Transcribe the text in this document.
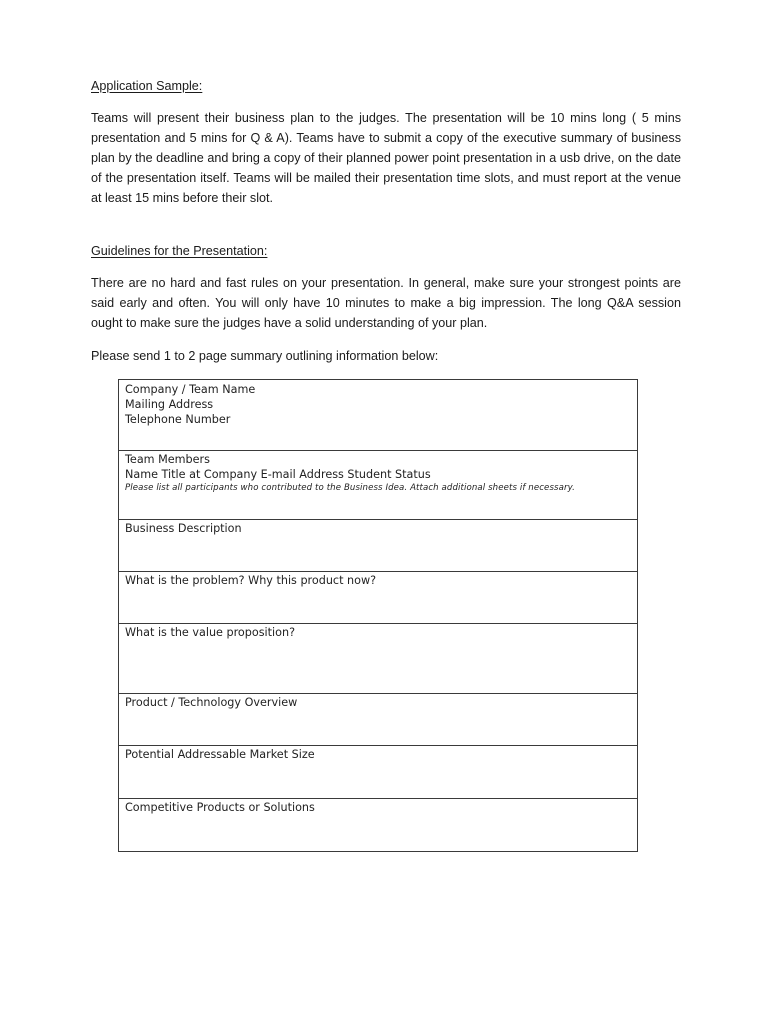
Application Sample:
Teams will present their business plan to the judges. The presentation will be 10 mins long ( 5 mins presentation and 5 mins for Q & A). Teams have to submit a copy of the executive summary of business plan by the deadline and bring a copy of their planned power point presentation in a usb drive, on the date of the presentation itself. Teams will be mailed their presentation time slots, and must report at the venue at least 15 mins before their slot.
Guidelines for the Presentation:
There are no hard and fast rules on your presentation. In general, make sure your strongest points are said early and often. You will only have 10 minutes to make a big impression. The long Q&A session ought to make sure the judges have a solid understanding of your plan.
Please send 1 to 2 page summary outlining information below:
Company / Team Name
Mailing Address
Telephone Number
Team Members
Name Title at Company E-mail Address Student Status
Please list all participants who contributed to the Business Idea. Attach additional sheets if necessary.
Business Description
What is the problem? Why this product now?
What is the value proposition?
Product / Technology Overview
Potential Addressable Market Size
Competitive Products or Solutions
